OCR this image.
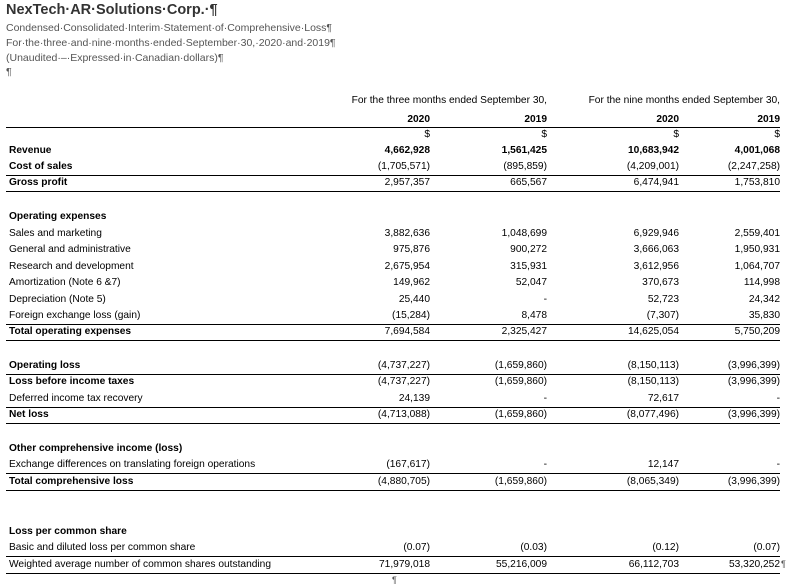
NexTech·AR·Solutions·Corp.·¶
Condensed·Consolidated·Interim·Statement·of·Comprehensive·Loss¶
For·the·three·and·nine·months·ended·September·30,·2020·and·2019¶
(Unaudited·–·Expressed·in·Canadian·dollars)¶
¶
For the three months ended September 30,	For the nine months ended September 30,
2020	2019	2020	2019
$	$	$	$
Revenue	4,662,928	1,561,425	10,683,942	4,001,068
Cost of sales	(1,705,571)	(895,859)	(4,209,001)	(2,247,258)
Gross profit	2,957,357	665,567	6,474,941	1,753,810
Operating expenses
Sales and marketing	3,882,636	1,048,699	6,929,946	2,559,401
General and administrative	975,876	900,272	3,666,063	1,950,931
Research and development	2,675,954	315,931	3,612,956	1,064,707
Amortization (Note 6 &7)	149,962	52,047	370,673	114,998
Depreciation (Note 5)	25,440	-	52,723	24,342
Foreign exchange loss (gain)	(15,284)	8,478	(7,307)	35,830
Total operating expenses	7,694,584	2,325,427	14,625,054	5,750,209
Operating loss	(4,737,227)	(1,659,860)	(8,150,113)	(3,996,399)
Loss before income taxes	(4,737,227)	(1,659,860)	(8,150,113)	(3,996,399)
Deferred income tax recovery	24,139	-	72,617	-
Net loss	(4,713,088)	(1,659,860)	(8,077,496)	(3,996,399)
Other comprehensive income (loss)
Exchange differences on translating foreign operations	(167,617)	-	12,147	-
Total comprehensive loss	(4,880,705)	(1,659,860)	(8,065,349)	(3,996,399)
Loss per common share
Basic and diluted loss per common share	(0.07)	(0.03)	(0.12)	(0.07)
Weighted average number of common shares outstanding	71,979,018	55,216,009	66,112,703	53,320,252 ¶
¶
